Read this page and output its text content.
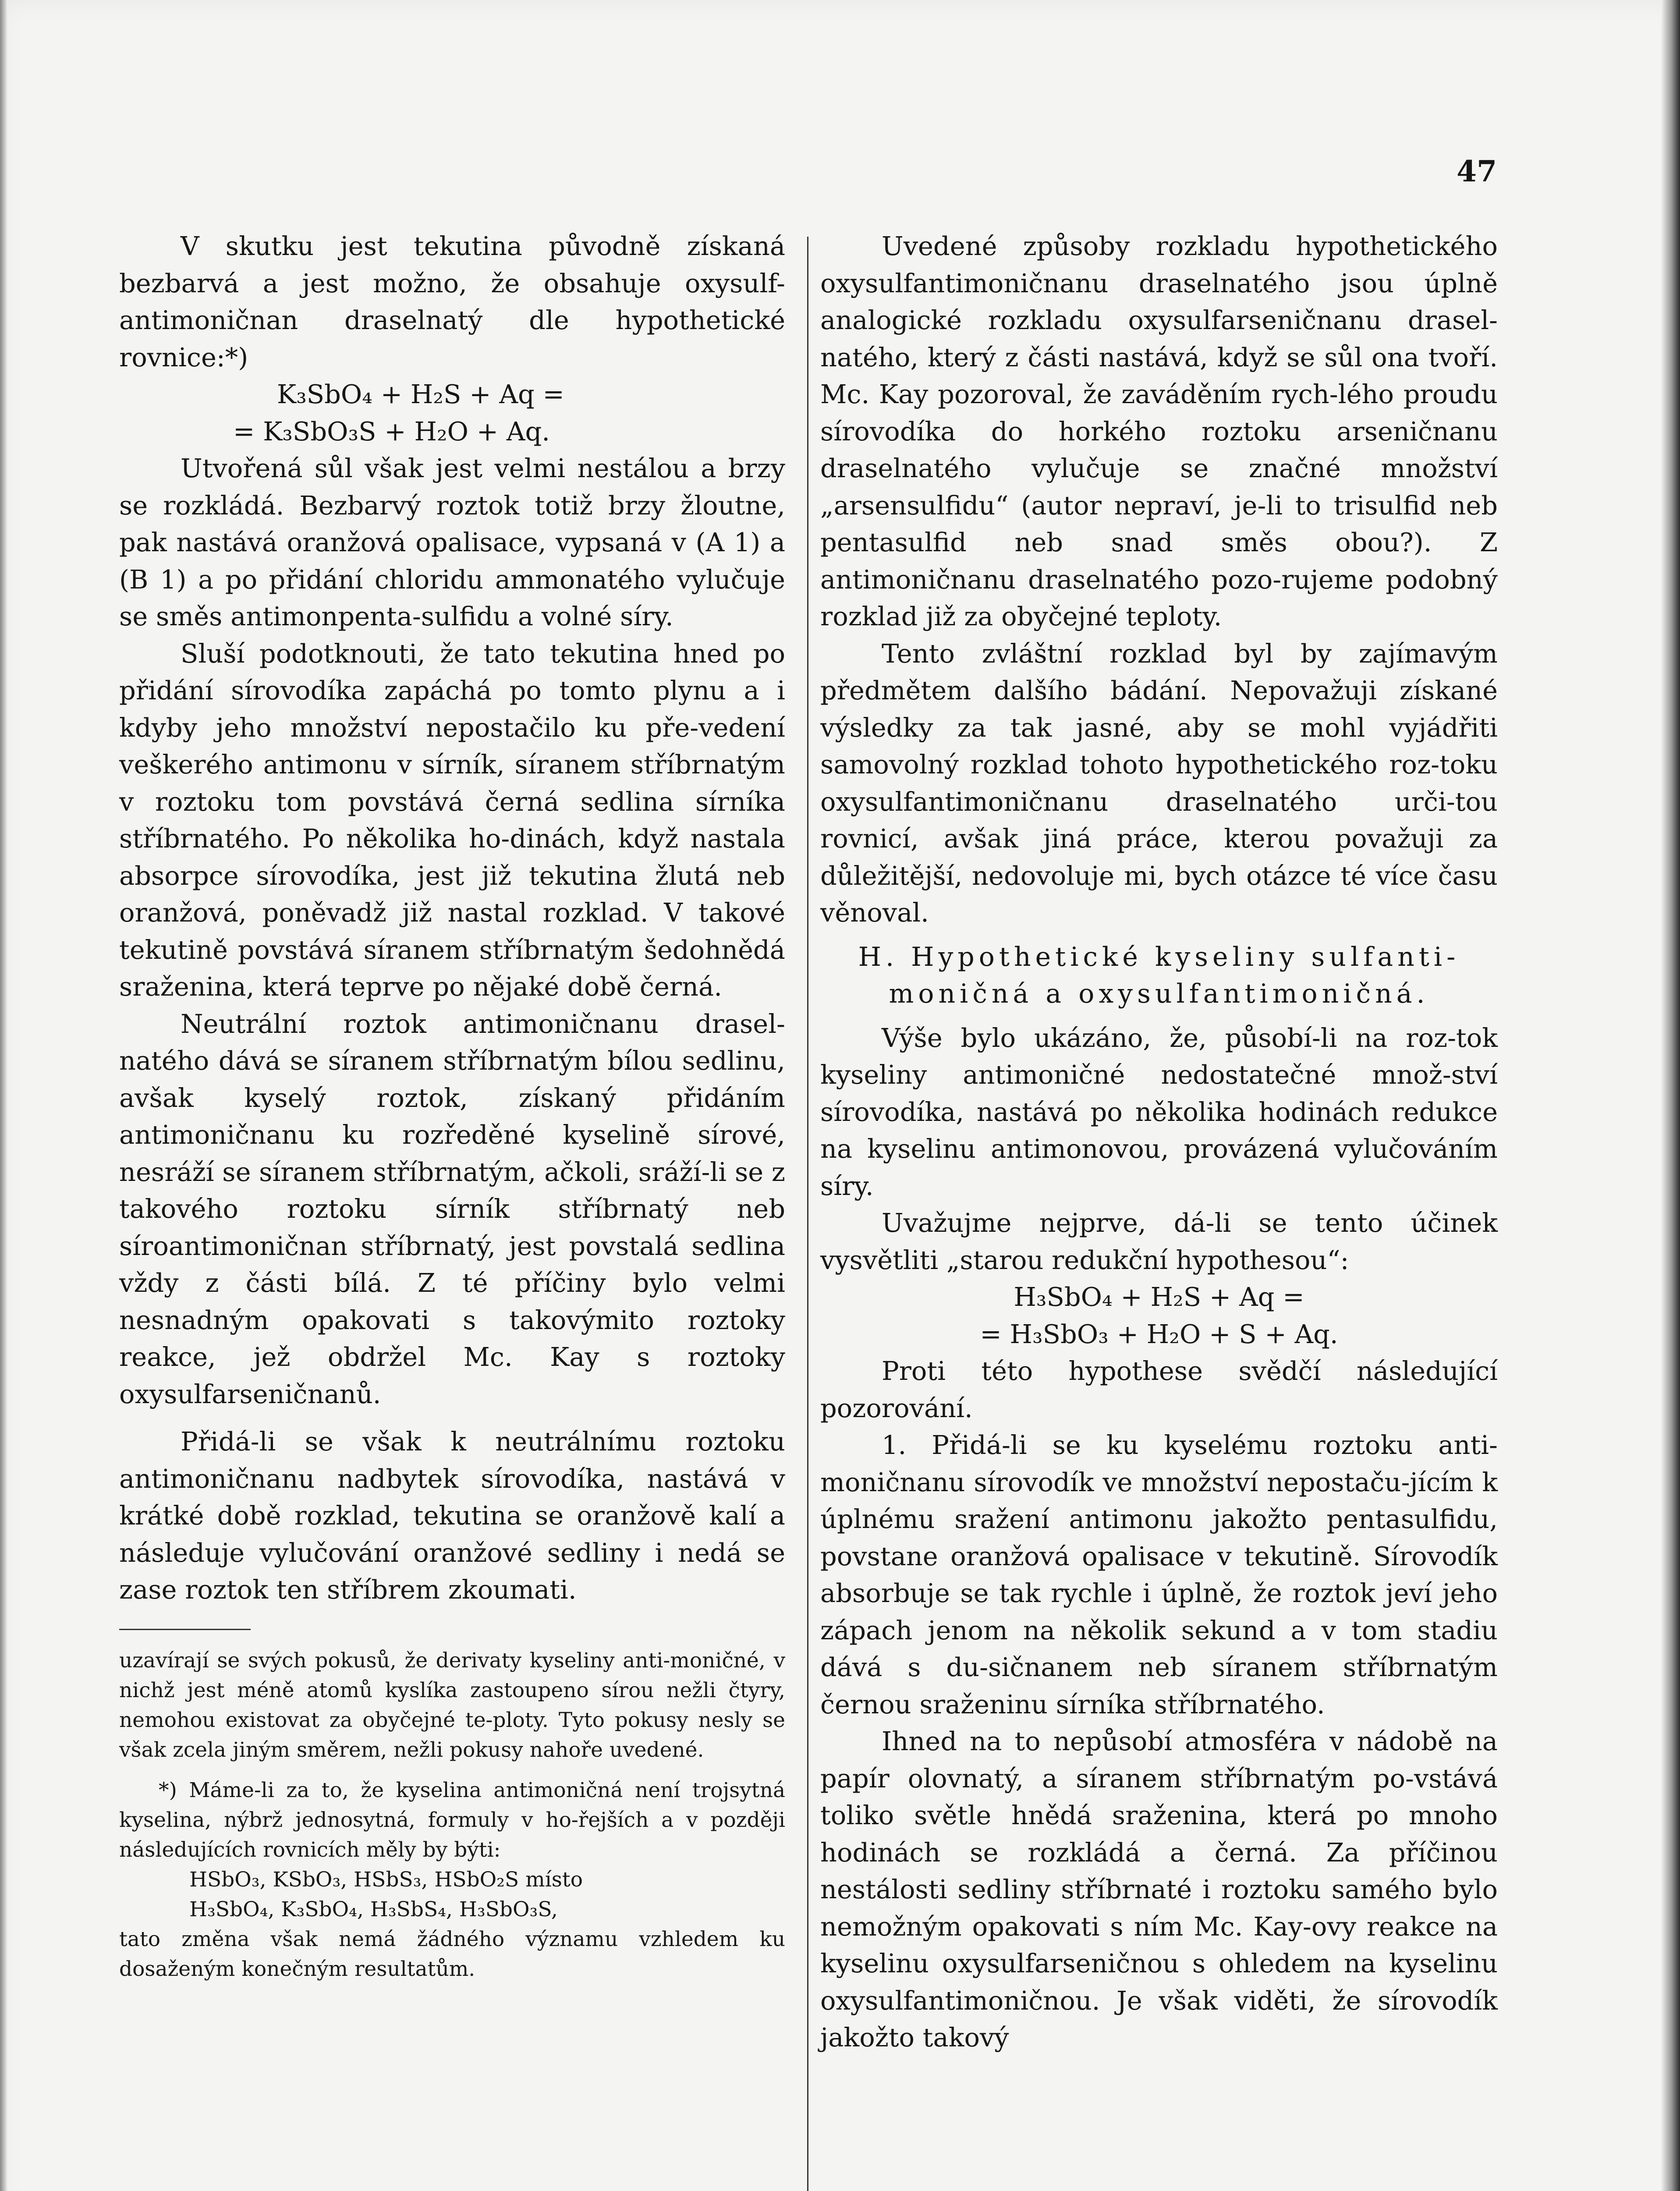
47

V skutku jest tekutina původně získaná bezbarvá a jest možno, že obsahuje oxysulf-antimoničnan draselnatý dle hypothetické rovnice:*)

K₃SbO₄ + H₂S + Aq =
= K₃SbO₃S + H₂O + Aq.

Utvořená sůl však jest velmi nestálou a brzy se rozkládá. Bezbarvý roztok totiž brzy žloutne, pak nastává oranžová opalisace, vypsaná v (A 1) a (B 1) a po přidání chloridu ammonatého vylučuje se směs antimonpenta-sulfidu a volné síry.

Sluší podotknouti, že tato tekutina hned po přidání sírovodíka zapáchá po tomto plynu a i kdyby jeho množství nepostačilo ku pře-vedení veškerého antimonu v sírník, síranem stříbrnatým v roztoku tom povstává černá sedlina sírníka stříbrnatého. Po několika ho-dinách, když nastala absorpce sírovodíka, jest již tekutina žlutá neb oranžová, poněvadž již nastal rozklad. V takové tekutině povstává síranem stříbrnatým šedohnědá sraženina, která teprve po nějaké době černá.

Neutrální roztok antimoničnanu drasel-natého dává se síranem stříbrnatým bílou sedlinu, avšak kyselý roztok, získaný přidáním antimoničnanu ku rozředěné kyselině sírové, nesráží se síranem stříbrnatým, ačkoli, sráží-li se z takového roztoku sírník stříbrnatý neb síroantimoničnan stříbrnatý, jest povstalá sedlina vždy z části bílá. Z té příčiny bylo velmi nesnadným opakovati s takovýmito roztoky reakce, jež obdržel Mc. Kay s roztoky oxysulfarseničnanů.

Přidá-li se však k neutrálnímu roztoku antimoničnanu nadbytek sírovodíka, nastává v krátké době rozklad, tekutina se oranžově kalí a následuje vylučování oranžové sedliny i nedá se zase roztok ten stříbrem zkoumati.

uzavírají se svých pokusů, že derivaty kyseliny anti-moničné, v nichž jest méně atomů kyslíka zastoupeno sírou nežli čtyry, nemohou existovat za obyčejné te-ploty. Tyto pokusy nesly se však zcela jiným směrem, nežli pokusy nahoře uvedené.

*) Máme-li za to, že kyselina antimoničná není trojsytná kyselina, nýbrž jednosytná, formuly v ho-řejších a v později následujících rovnicích měly by býti:

HSbO₃, KSbO₃, HSbS₃, HSbO₂S místo
H₃SbO₄, K₃SbO₄, H₃SbS₄, H₃SbO₃S,

tato změna však nemá žádného významu vzhledem ku dosaženým konečným resultatům.

Uvedené způsoby rozkladu hypothetického oxysulfantimoničnanu draselnatého jsou úplně analogické rozkladu oxysulfarseničnanu drasel-natého, který z části nastává, když se sůl ona tvoří. Mc. Kay pozoroval, že zaváděním rych-lého proudu sírovodíka do horkého roztoku arseničnanu draselnatého vylučuje se značné množství „arsensulfidu“ (autor nepraví, je-li to trisulfid neb pentasulfid neb snad směs obou?). Z antimoničnanu draselnatého pozo-rujeme podobný rozklad již za obyčejné teploty.

Tento zvláštní rozklad byl by zajímavým předmětem dalšího bádání. Nepovažuji získané výsledky za tak jasné, aby se mohl vyjádřiti samovolný rozklad tohoto hypothetického roz-toku oxysulfantimoničnanu draselnatého urči-tou rovnicí, avšak jiná práce, kterou považuji za důležitější, nedovoluje mi, bych otázce té více času věnoval.

H. Hypothetické kyseliny sulfanti-
moničná a oxysulfantimoničná.

Výše bylo ukázáno, že, působí-li na roz-tok kyseliny antimoničné nedostatečné množ-ství sírovodíka, nastává po několika hodinách redukce na kyselinu antimonovou, provázená vylučováním síry.

Uvažujme nejprve, dá-li se tento účinek vysvětliti „starou redukční hypothesou“:

H₃SbO₄ + H₂S + Aq =
= H₃SbO₃ + H₂O + S + Aq.

Proti této hypothese svědčí následující pozorování.

1. Přidá-li se ku kyselému roztoku anti-moničnanu sírovodík ve množství nepostaču-jícím k úplnému sražení antimonu jakožto pentasulfidu, povstane oranžová opalisace v tekutině. Sírovodík absorbuje se tak rychle i úplně, že roztok jeví jeho zápach jenom na několik sekund a v tom stadiu dává s du-sičnanem neb síranem stříbrnatým černou sraženinu sírníka stříbrnatého.

Ihned na to nepůsobí atmosféra v nádobě na papír olovnatý, a síranem stříbrnatým po-vstává toliko světle hnědá sraženina, která po mnoho hodinách se rozkládá a černá. Za příčinou nestálosti sedliny stříbrnaté i roztoku samého bylo nemožným opakovati s ním Mc. Kay-ovy reakce na kyselinu oxysulfarseničnou s ohledem na kyselinu oxysulfantimoničnou. Je však viděti, že sírovodík jakožto takový
